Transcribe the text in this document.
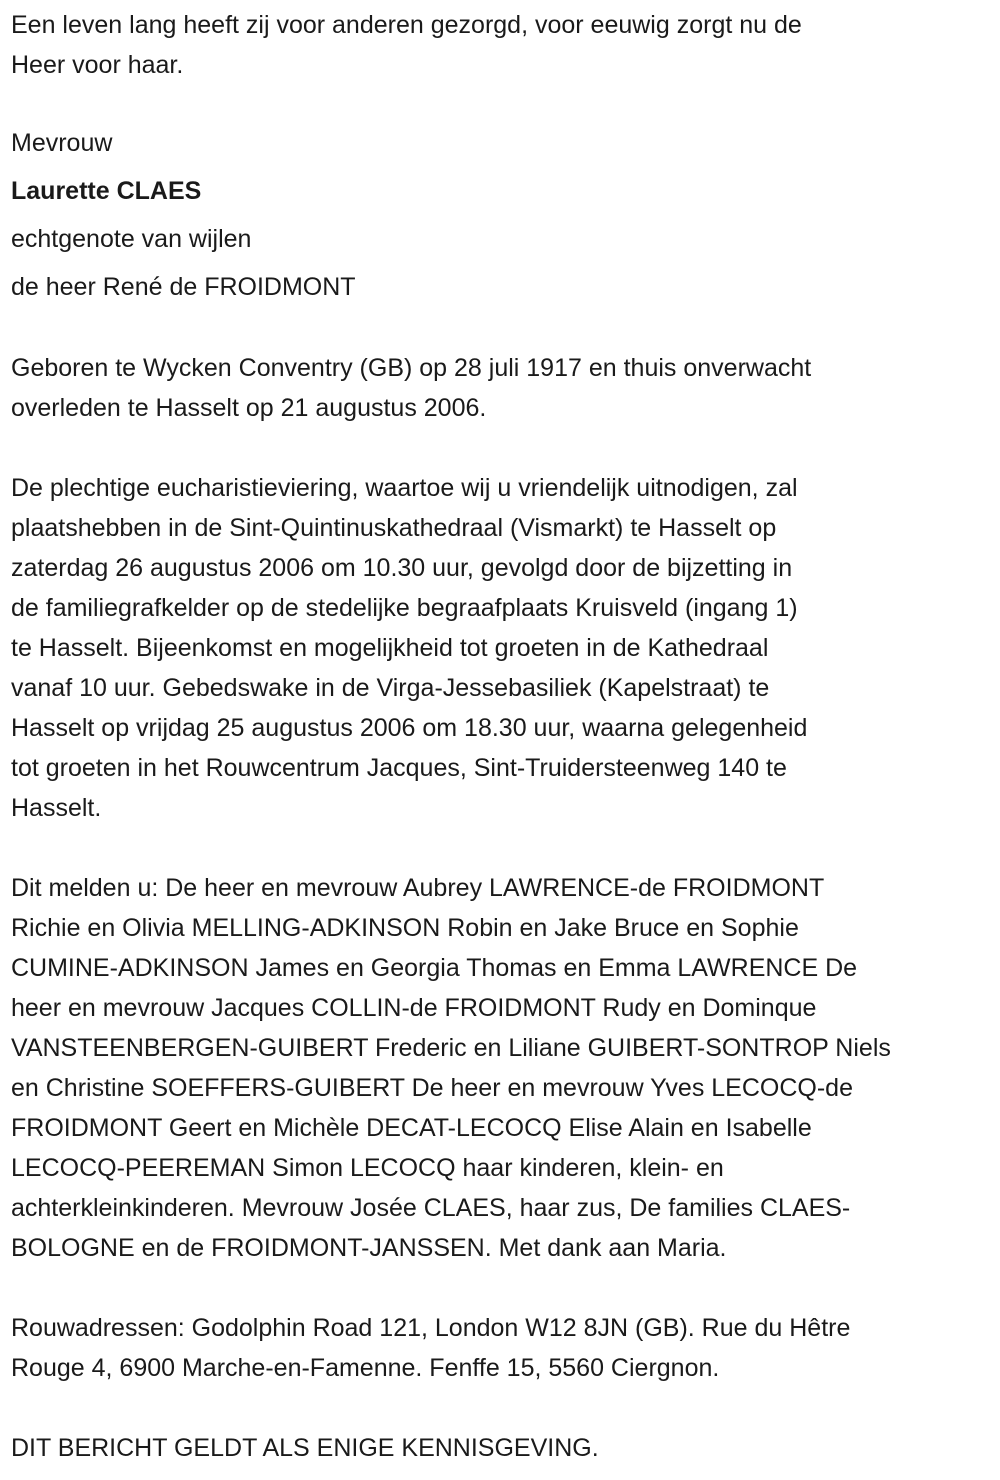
Een leven lang heeft zij voor anderen gezorgd, voor eeuwig zorgt nu de
Heer voor haar.
Mevrouw
Laurette CLAES
echtgenote van wijlen
de heer René de FROIDMONT
Geboren te Wycken Conventry (GB) op 28 juli 1917 en thuis onverwacht
overleden te Hasselt op 21 augustus 2006.
De plechtige eucharistieviering, waartoe wij u vriendelijk uitnodigen, zal
plaatshebben in de Sint-Quintinuskathedraal (Vismarkt) te Hasselt op
zaterdag 26 augustus 2006 om 10.30 uur, gevolgd door de bijzetting in
de familiegrafkelder op de stedelijke begraafplaats Kruisveld (ingang 1)
te Hasselt. Bijeenkomst en mogelijkheid tot groeten in de Kathedraal
vanaf 10 uur. Gebedswake in de Virga-Jessebasiliek (Kapelstraat) te
Hasselt op vrijdag 25 augustus 2006 om 18.30 uur, waarna gelegenheid
tot groeten in het Rouwcentrum Jacques, Sint-Truidersteenweg 140 te
Hasselt.
Dit melden u: De heer en mevrouw Aubrey LAWRENCE-de FROIDMONT
Richie en Olivia MELLING-ADKINSON Robin en Jake Bruce en Sophie
CUMINE-ADKINSON James en Georgia Thomas en Emma LAWRENCE De
heer en mevrouw Jacques COLLIN-de FROIDMONT Rudy en Dominque
VANSTEENBERGEN-GUIBERT Frederic en Liliane GUIBERT-SONTROP Niels
en Christine SOEFFERS-GUIBERT De heer en mevrouw Yves LECOCQ-de
FROIDMONT Geert en Michèle DECAT-LECOCQ Elise Alain en Isabelle
LECOCQ-PEEREMAN Simon LECOCQ haar kinderen, klein- en
achterkleinkinderen. Mevrouw Josée CLAES, haar zus, De families CLAES-
BOLOGNE en de FROIDMONT-JANSSEN. Met dank aan Maria.
Rouwadressen: Godolphin Road 121, London W12 8JN (GB). Rue du Hêtre
Rouge 4, 6900 Marche-en-Famenne. Fenffe 15, 5560 Ciergnon.
DIT BERICHT GELDT ALS ENIGE KENNISGEVING.
